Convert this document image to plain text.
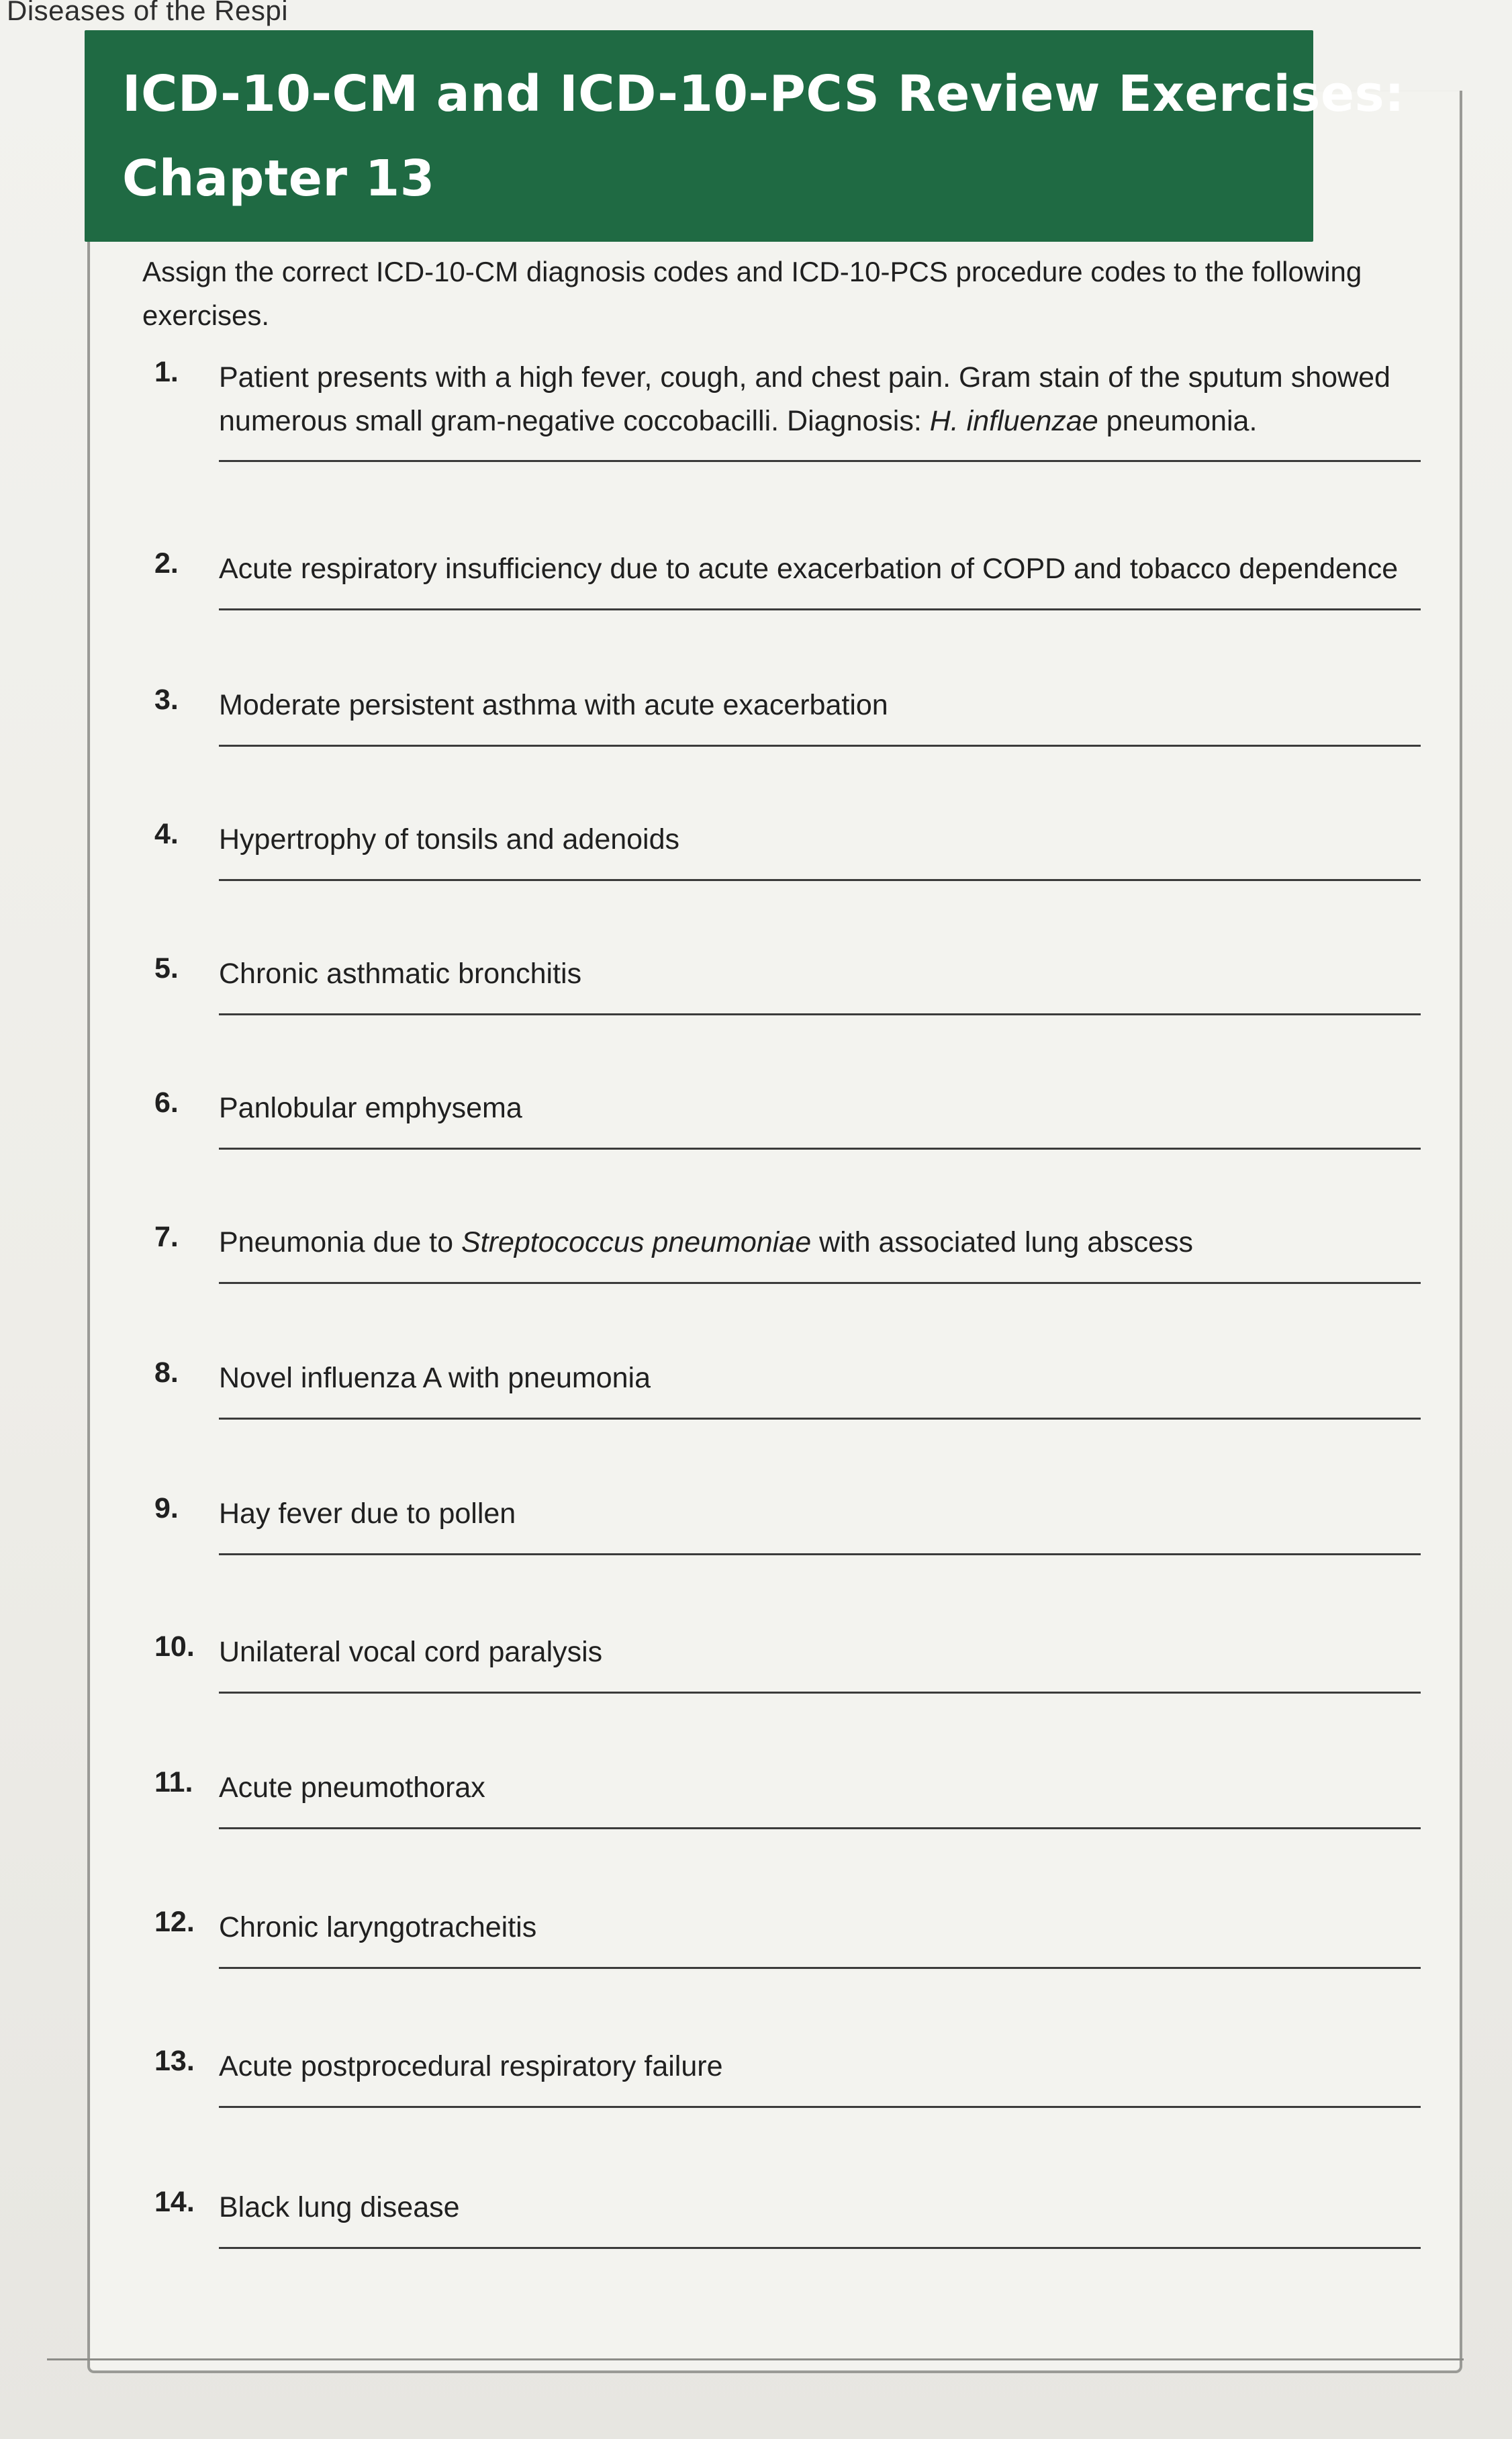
Diseases of the Respi
ICD-10-CM and ICD-10-PCS Review Exercises:
Chapter 13
Assign the correct ICD-10-CM diagnosis codes and ICD-10-PCS procedure codes to the following exercises.
1.	Patient presents with a high fever, cough, and chest pain. Gram stain of the sputum showed numerous small gram-negative coccobacilli. Diagnosis: H. influenzae pneumonia.
2.	Acute respiratory insufficiency due to acute exacerbation of COPD and tobacco dependence
3.	Moderate persistent asthma with acute exacerbation
4.	Hypertrophy of tonsils and adenoids
5.	Chronic asthmatic bronchitis
6.	Panlobular emphysema
7.	Pneumonia due to Streptococcus pneumoniae with associated lung abscess
8.	Novel influenza A with pneumonia
9.	Hay fever due to pollen
10. Unilateral vocal cord paralysis
11. Acute pneumothorax
12. Chronic laryngotracheitis
13. Acute postprocedural respiratory failure
14. Black lung disease
